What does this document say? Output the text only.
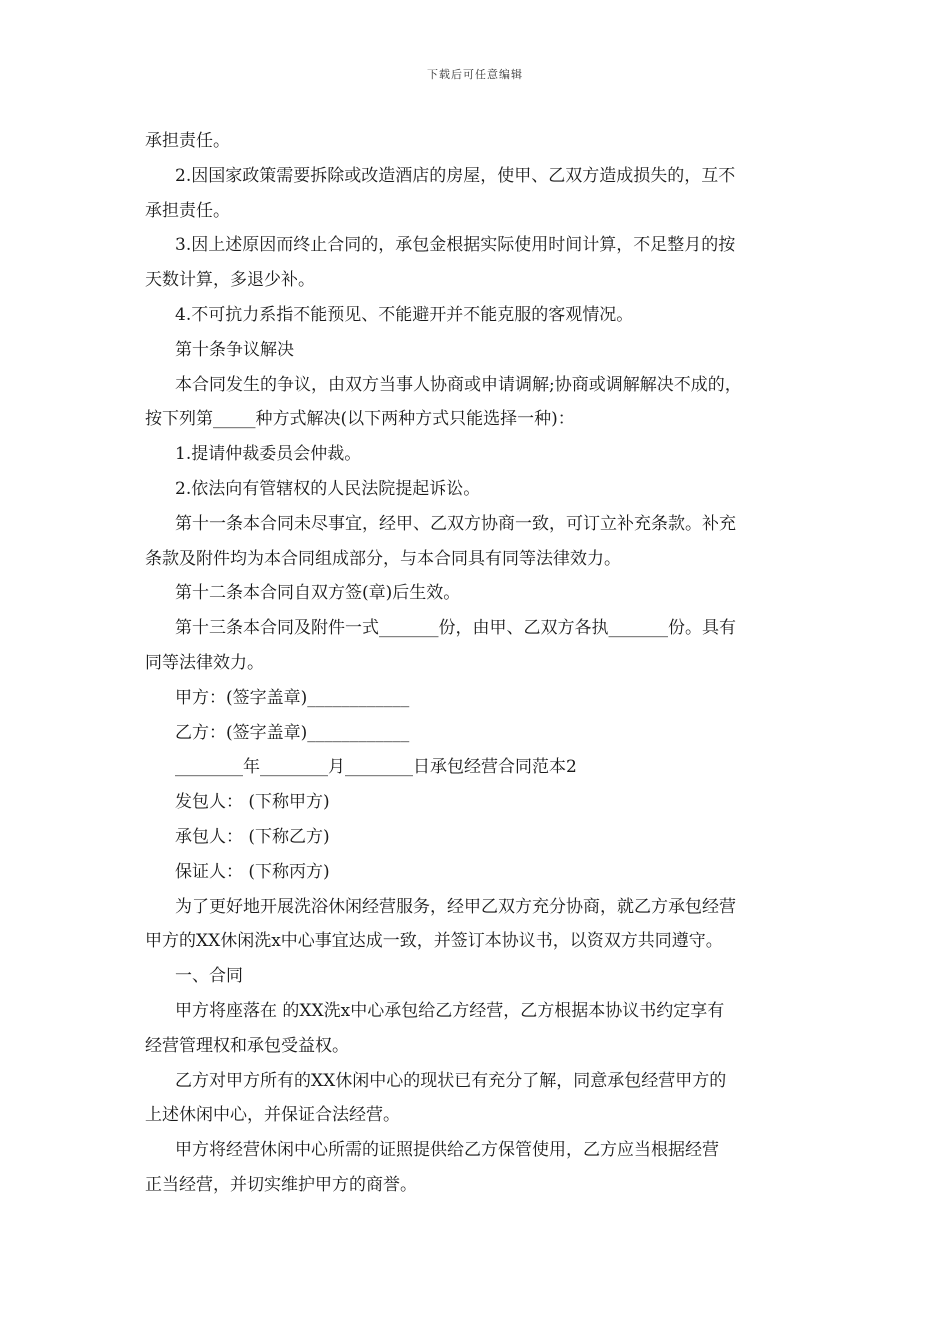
下载后可任意编辑
承担责任。
2.因国家政策需要拆除或改造酒店的房屋，使甲、乙双方造成损失的，互不
承担责任。
3.因上述原因而终止合同的，承包金根据实际使用时间计算，不足整月的按
天数计算，多退少补。
4.不可抗力系指不能预见、不能避开并不能克服的客观情况。
第十条争议解决
本合同发生的争议，由双方当事人协商或申请调解;协商或调解解决不成的，
按下列第_____种方式解决(以下两种方式只能选择一种)：
1.提请仲裁委员会仲裁。
2.依法向有管辖权的人民法院提起诉讼。
第十一条本合同未尽事宜，经甲、乙双方协商一致，可订立补充条款。补充
条款及附件均为本合同组成部分，与本合同具有同等法律效力。
第十二条本合同自双方签(章)后生效。
第十三条本合同及附件一式_______份，由甲、乙双方各执_______份。具有
同等法律效力。
甲方：(签字盖章)____________
乙方：(签字盖章)____________
________年________月________日承包经营合同范本2
发包人： (下称甲方)
承包人： (下称乙方)
保证人： (下称丙方)
为了更好地开展洗浴休闲经营服务，经甲乙双方充分协商，就乙方承包经营
甲方的XX休闲洗x中心事宜达成一致，并签订本协议书，以资双方共同遵守。
一、合同
甲方将座落在 的XX洗x中心承包给乙方经营，乙方根据本协议书约定享有
经营管理权和承包受益权。
乙方对甲方所有的XX休闲中心的现状已有充分了解，同意承包经营甲方的
上述休闲中心，并保证合法经营。
甲方将经营休闲中心所需的证照提供给乙方保管使用，乙方应当根据经营
正当经营，并切实维护甲方的商誉。
